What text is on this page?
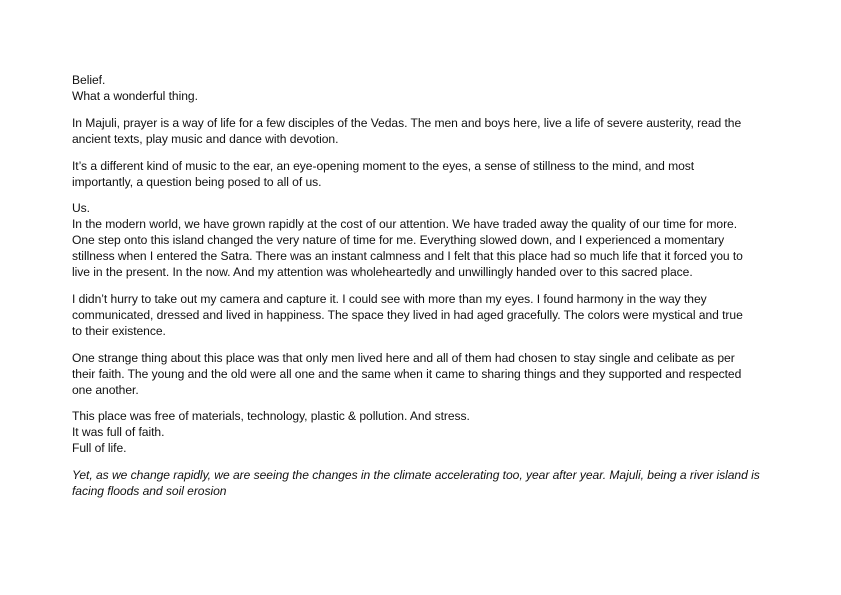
Belief.
What a wonderful thing.

In Majuli, prayer is a way of life for a few disciples of the Vedas. The men and boys here, live a life of severe austerity, read the
ancient texts, play music and dance with devotion.

It’s a different kind of music to the ear, an eye-opening moment to the eyes, a sense of stillness to the mind, and most
importantly, a question being posed to all of us.

Us.
In the modern world, we have grown rapidly at the cost of our attention. We have traded away the quality of our time for more.
One step onto this island changed the very nature of time for me. Everything slowed down, and I experienced a momentary
stillness when I entered the Satra. There was an instant calmness and I felt that this place had so much life that it forced you to
live in the present. In the now. And my attention was wholeheartedly and unwillingly handed over to this sacred place.

I didn’t hurry to take out my camera and capture it. I could see with more than my eyes. I found harmony in the way they
communicated, dressed and lived in happiness. The space they lived in had aged gracefully. The colors were mystical and true
to their existence.

One strange thing about this place was that only men lived here and all of them had chosen to stay single and celibate as per
their faith. The young and the old were all one and the same when it came to sharing things and they supported and respected
one another.

This place was free of materials, technology, plastic & pollution. And stress.
It was full of faith.
Full of life.

Yet, as we change rapidly, we are seeing the changes in the climate accelerating too, year after year. Majuli, being a river island is
facing floods and soil erosion
